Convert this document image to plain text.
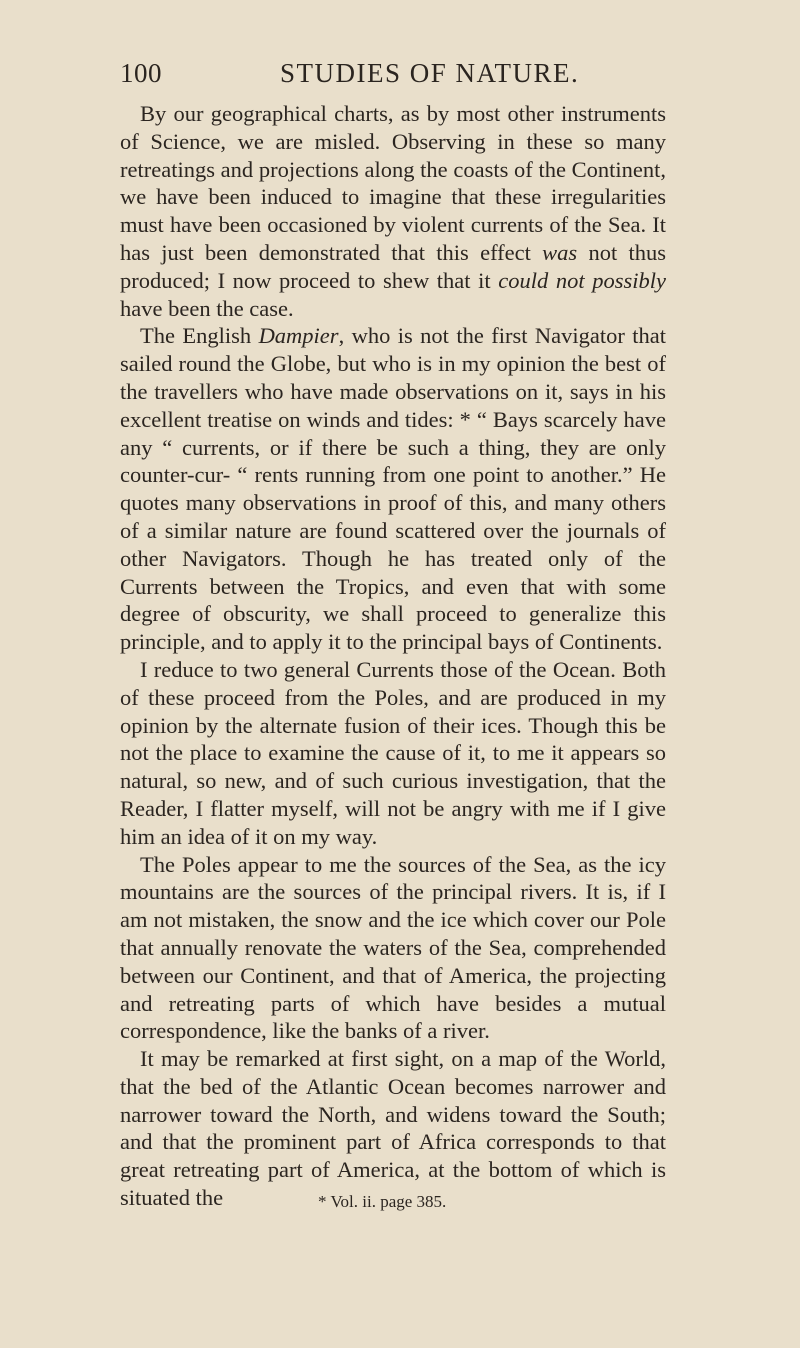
100	STUDIES OF NATURE.

By our geographical charts, as by most other instruments of Science, we are misled. Observing in these so many retreatings and projections along the coasts of the Continent, we have been induced to imagine that these irregularities must have been occasioned by violent currents of the Sea. It has just been demonstrated that this effect was not thus produced; I now proceed to shew that it could not possibly have been the case.

The English Dampier, who is not the first Navigator that sailed round the Globe, but who is in my opinion the best of the travellers who have made observations on it, says in his excellent treatise on winds and tides: * “ Bays scarcely have any “ currents, or if there be such a thing, they are only counter-cur- “ rents running from one point to another.” He quotes many observations in proof of this, and many others of a similar nature are found scattered over the journals of other Navigators. Though he has treated only of the Currents between the Tropics, and even that with some degree of obscurity, we shall proceed to generalize this principle, and to apply it to the principal bays of Continents.

I reduce to two general Currents those of the Ocean. Both of these proceed from the Poles, and are produced in my opinion by the alternate fusion of their ices. Though this be not the place to examine the cause of it, to me it appears so natural, so new, and of such curious investigation, that the Reader, I flatter myself, will not be angry with me if I give him an idea of it on my way.

The Poles appear to me the sources of the Sea, as the icy mountains are the sources of the principal rivers. It is, if I am not mistaken, the snow and the ice which cover our Pole that annually renovate the waters of the Sea, comprehended between our Continent, and that of America, the projecting and retreating parts of which have besides a mutual correspondence, like the banks of a river.

It may be remarked at first sight, on a map of the World, that the bed of the Atlantic Ocean becomes narrower and narrower toward the North, and widens toward the South; and that the prominent part of Africa corresponds to that great retreating part of America, at the bottom of which is situated the	* Vol. ii. page 385.
